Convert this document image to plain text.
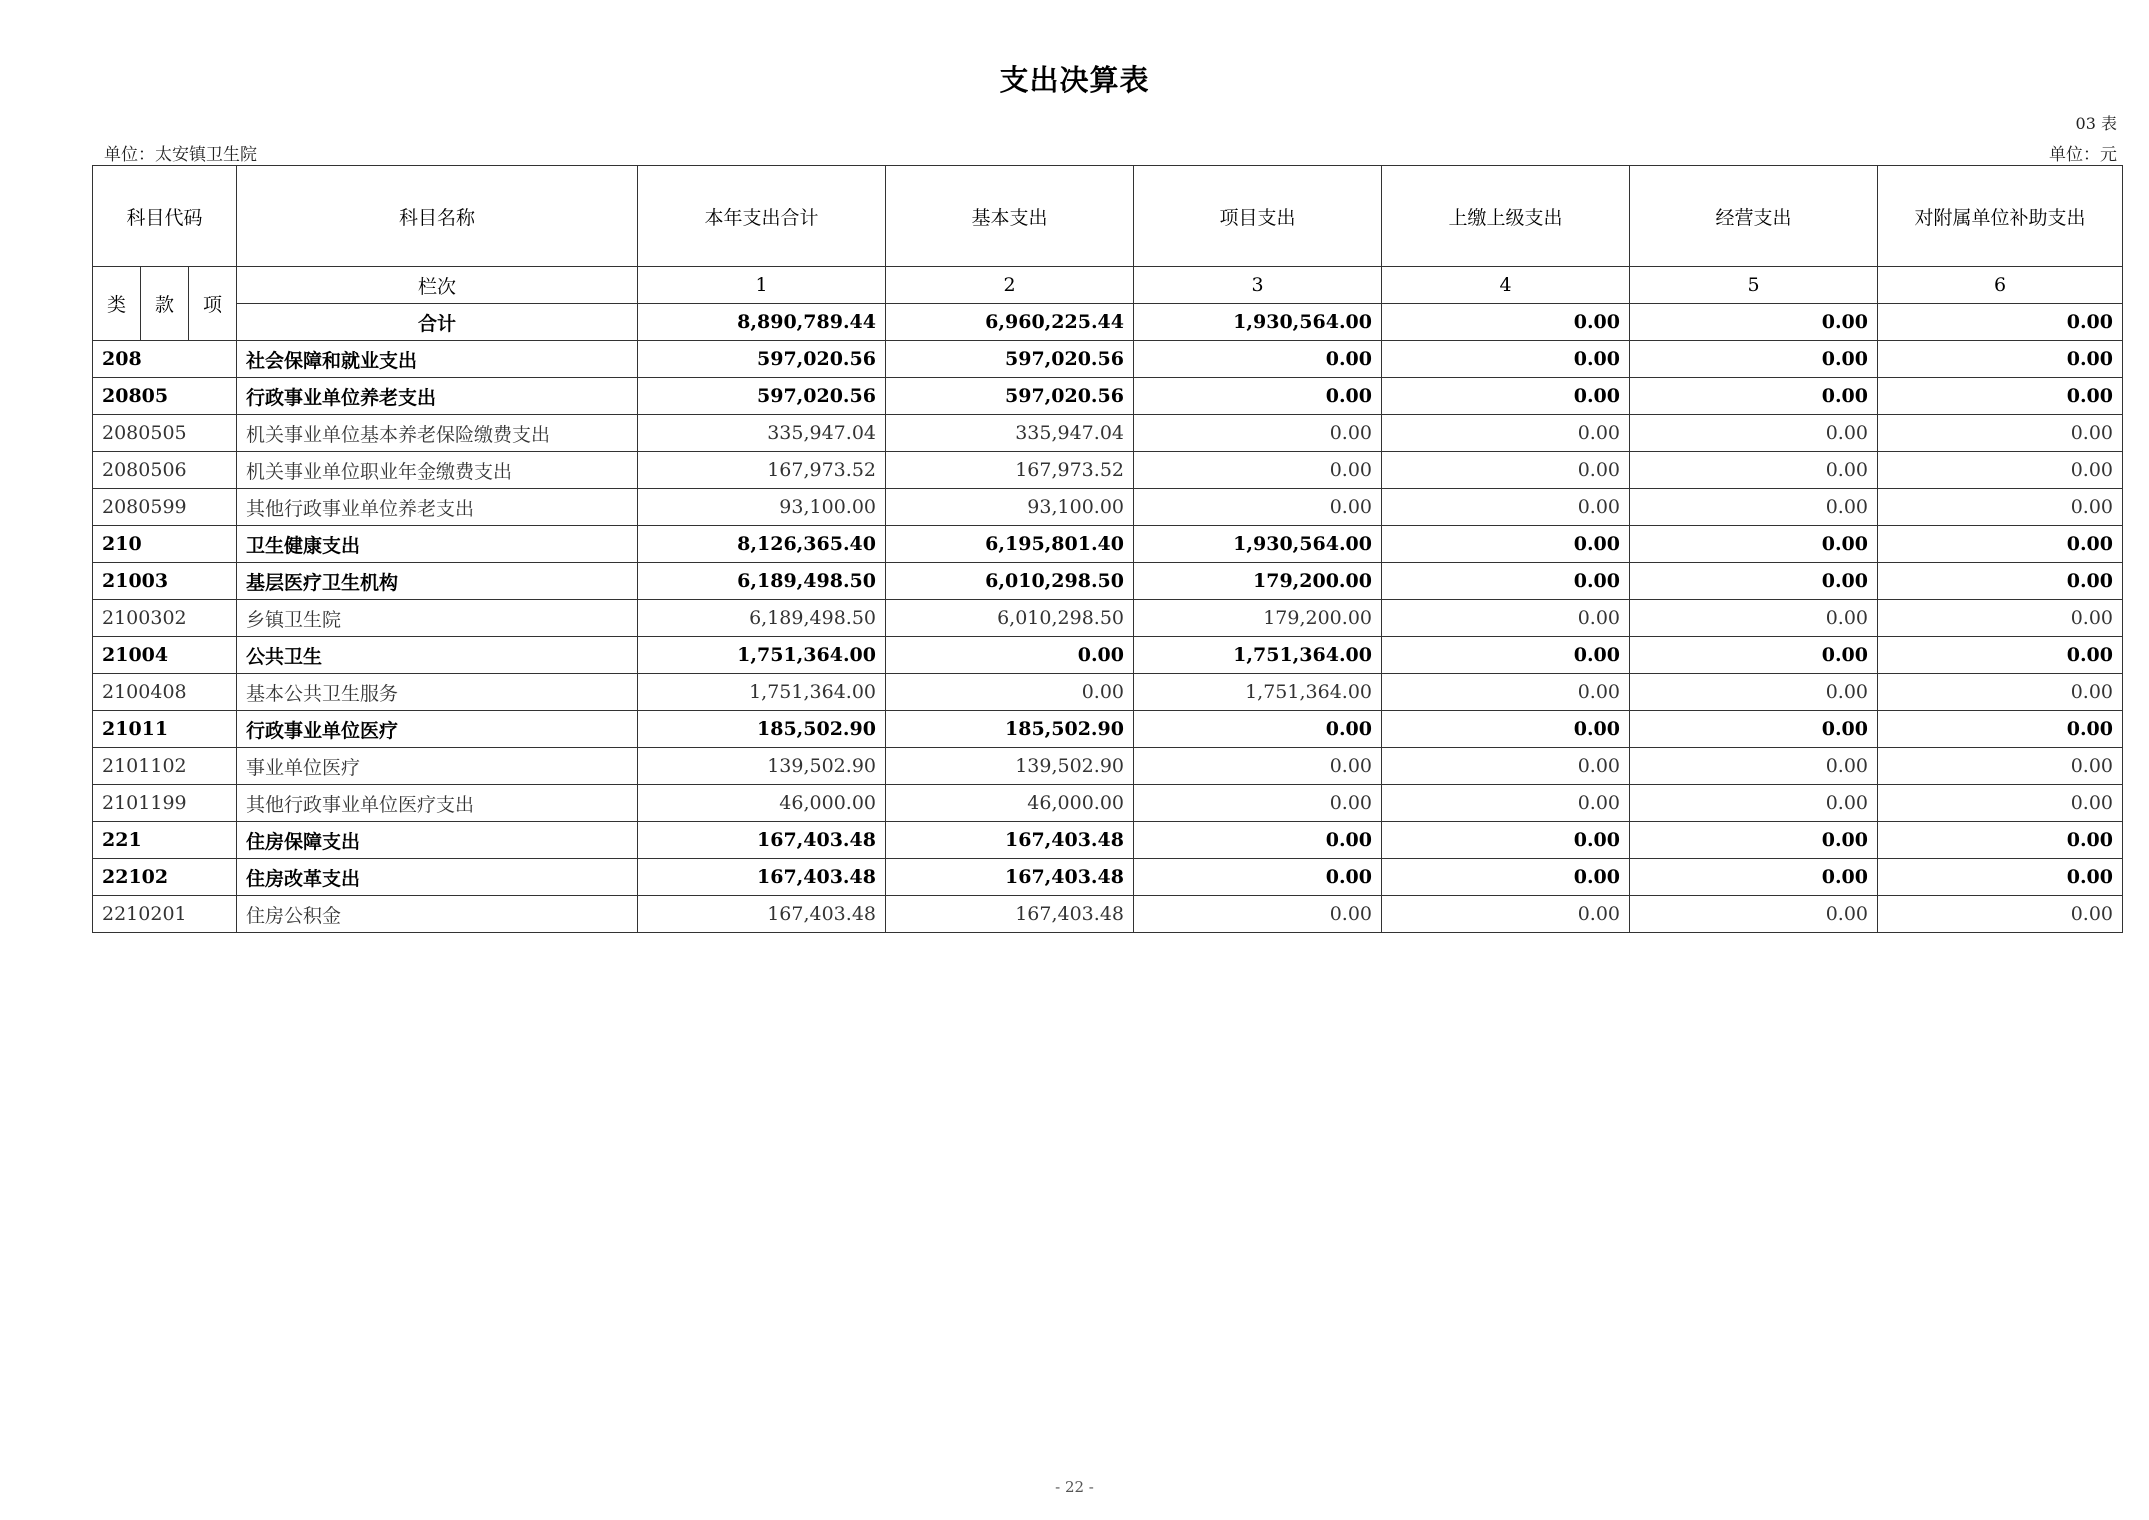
支出决算表
03 表
单位：太安镇卫生院	单位：元
科目代码			科目名称	本年支出合计	基本支出	项目支出	上缴上级支出	经营支出	对附属单位补助支出
类	款	项	栏次	1	2	3	4	5	6
			合计	8,890,789.44	6,960,225.44	1,930,564.00	0.00	0.00	0.00
208			社会保障和就业支出	597,020.56	597,020.56	0.00	0.00	0.00	0.00
20805			行政事业单位养老支出	597,020.56	597,020.56	0.00	0.00	0.00	0.00
2080505			机关事业单位基本养老保险缴费支出	335,947.04	335,947.04	0.00	0.00	0.00	0.00
2080506			机关事业单位职业年金缴费支出	167,973.52	167,973.52	0.00	0.00	0.00	0.00
2080599			其他行政事业单位养老支出	93,100.00	93,100.00	0.00	0.00	0.00	0.00
210			卫生健康支出	8,126,365.40	6,195,801.40	1,930,564.00	0.00	0.00	0.00
21003			基层医疗卫生机构	6,189,498.50	6,010,298.50	179,200.00	0.00	0.00	0.00
2100302			乡镇卫生院	6,189,498.50	6,010,298.50	179,200.00	0.00	0.00	0.00
21004			公共卫生	1,751,364.00	0.00	1,751,364.00	0.00	0.00	0.00
2100408			基本公共卫生服务	1,751,364.00	0.00	1,751,364.00	0.00	0.00	0.00
21011			行政事业单位医疗	185,502.90	185,502.90	0.00	0.00	0.00	0.00
2101102			事业单位医疗	139,502.90	139,502.90	0.00	0.00	0.00	0.00
2101199			其他行政事业单位医疗支出	46,000.00	46,000.00	0.00	0.00	0.00	0.00
221			住房保障支出	167,403.48	167,403.48	0.00	0.00	0.00	0.00
22102			住房改革支出	167,403.48	167,403.48	0.00	0.00	0.00	0.00
2210201			住房公积金	167,403.48	167,403.48	0.00	0.00	0.00	0.00
- 22 -
